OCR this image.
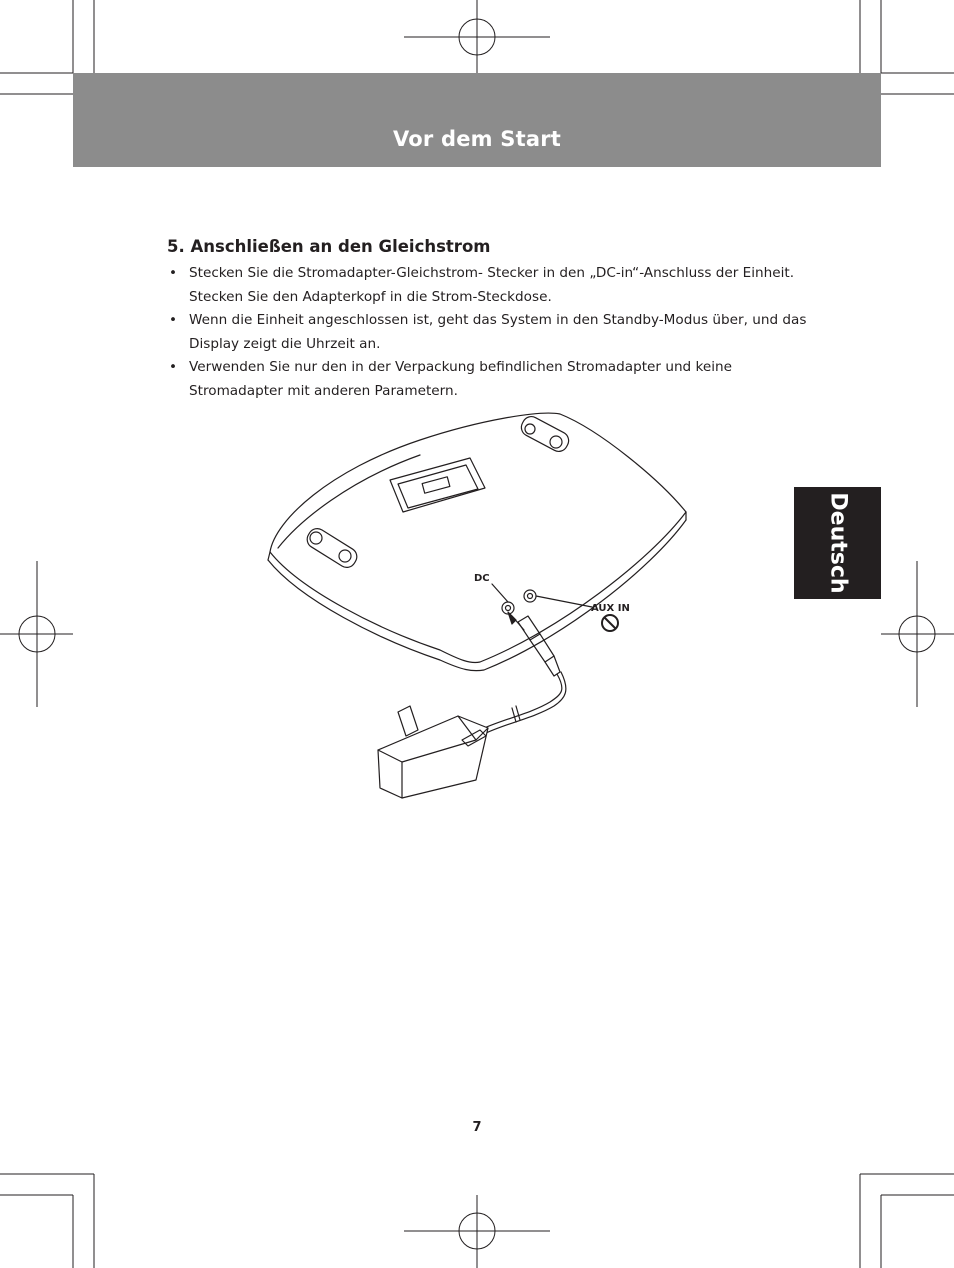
Vor dem Start
Deutsch
5. Anschließen an den Gleichstrom
• Stecken Sie die Stromadapter-Gleichstrom- Stecker in den „DC-in“-Anschluss der Einheit. Stecken Sie den Adapterkopf in die Strom-Steckdose.
• Wenn die Einheit angeschlossen ist, geht das System in den Standby-Modus über, und das Display zeigt die Uhrzeit an.
• Verwenden Sie nur den in der Verpackung befindlichen Stromadapter und keine Stromadapter mit anderen Parametern.
DC
AUX IN
7
